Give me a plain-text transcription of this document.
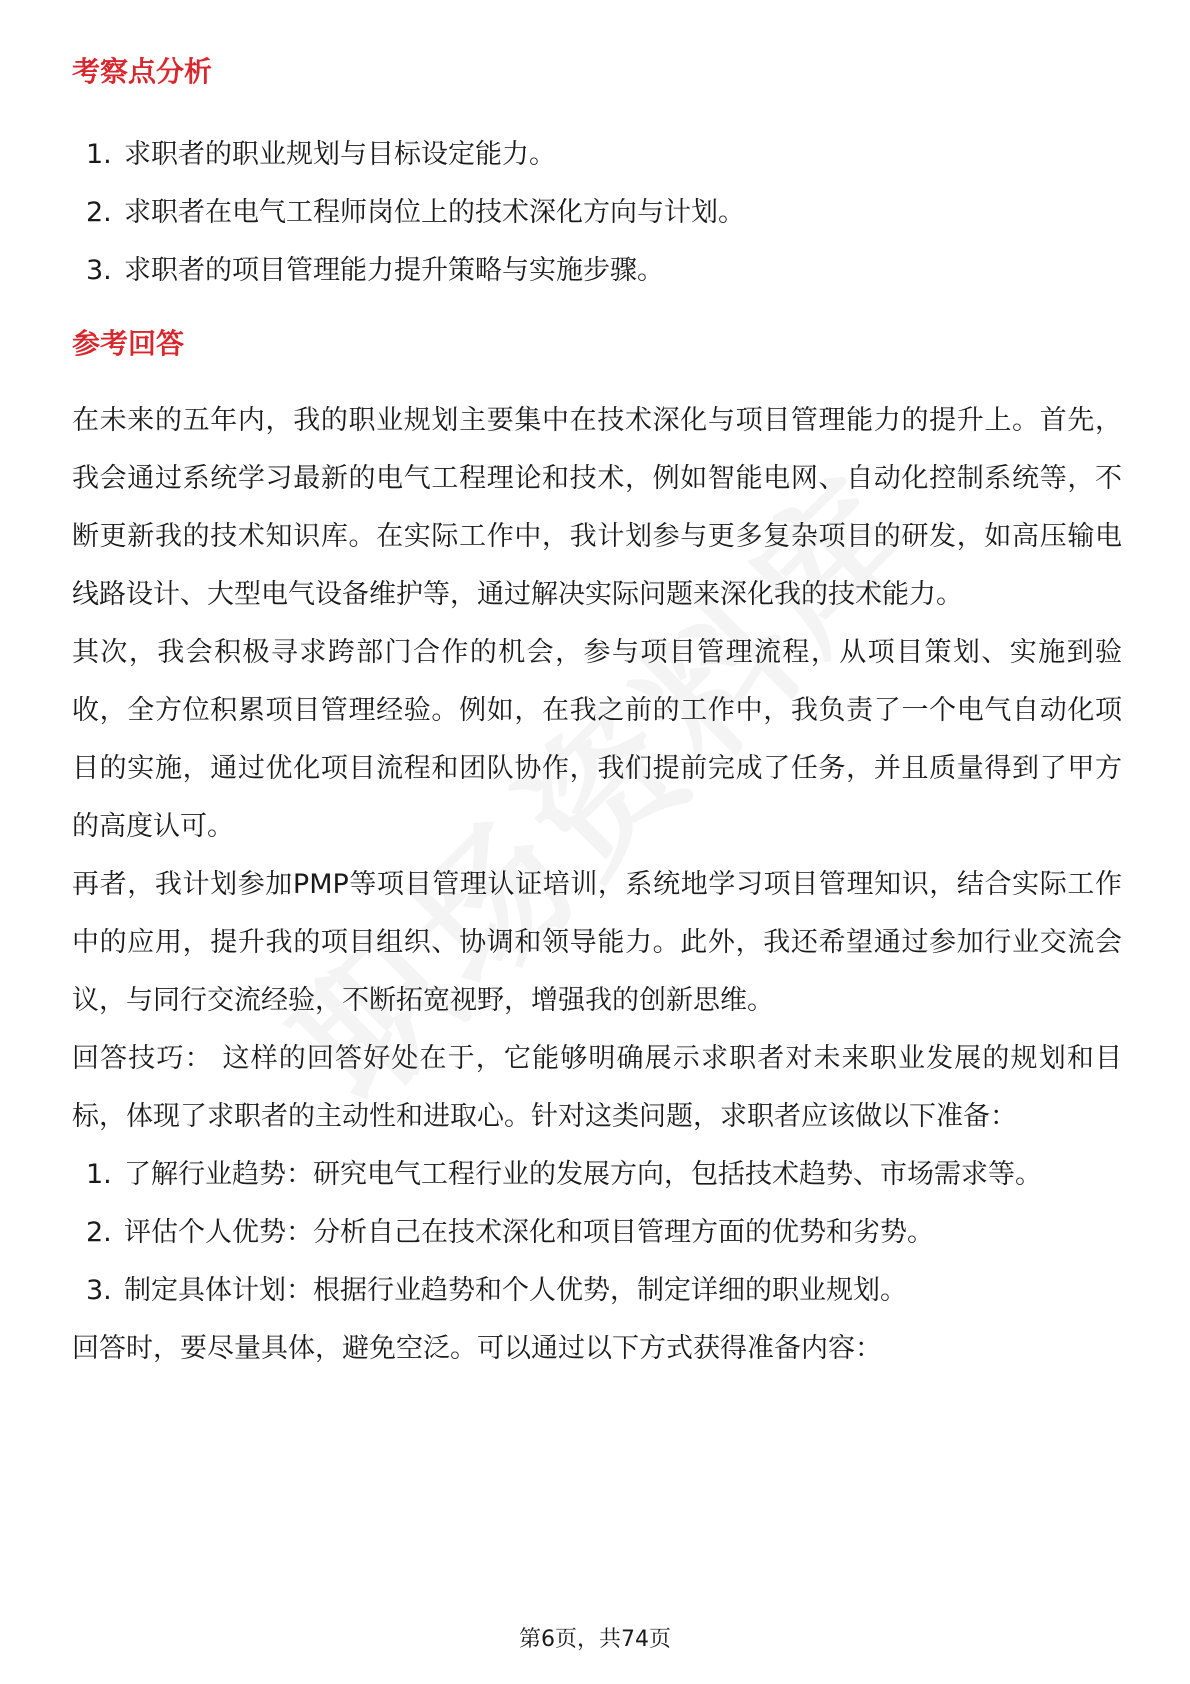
考察点分析
1. 求职者的职业规划与目标设定能力。
2. 求职者在电气工程师岗位上的技术深化方向与计划。
3. 求职者的项目管理能力提升策略与实施步骤。
参考回答

在未来的五年内，我的职业规划主要集中在技术深化与项目管理能力的提升上。首先，我会通过系统学习最新的电气工程理论和技术，例如智能电网、自动化控制系统等，不断更新我的技术知识库。在实际工作中，我计划参与更多复杂项目的研发，如高压输电线路设计、大型电气设备维护等，通过解决实际问题来深化我的技术能力。

其次，我会积极寻求跨部门合作的机会，参与项目管理流程，从项目策划、实施到验收，全方位积累项目管理经验。例如，在我之前的工作中，我负责了一个电气自动化项目的实施，通过优化项目流程和团队协作，我们提前完成了任务，并且质量得到了甲方的高度认可。

再者，我计划参加PMP等项目管理认证培训，系统地学习项目管理知识，结合实际工作中的应用，提升我的项目组织、协调和领导能力。此外，我还希望通过参加行业交流会议，与同行交流经验，不断拓宽视野，增强我的创新思维。

回答技巧： 这样的回答好处在于，它能够明确展示求职者对未来职业发展的规划和目标，体现了求职者的主动性和进取心。针对这类问题，求职者应该做以下准备：

1. 了解行业趋势：研究电气工程行业的发展方向，包括技术趋势、市场需求等。
2. 评估个人优势：分析自己在技术深化和项目管理方面的优势和劣势。
3. 制定具体计划：根据行业趋势和个人优势，制定详细的职业规划。

回答时，要尽量具体，避免空泛。可以通过以下方式获得准备内容：

第6页，共74页
